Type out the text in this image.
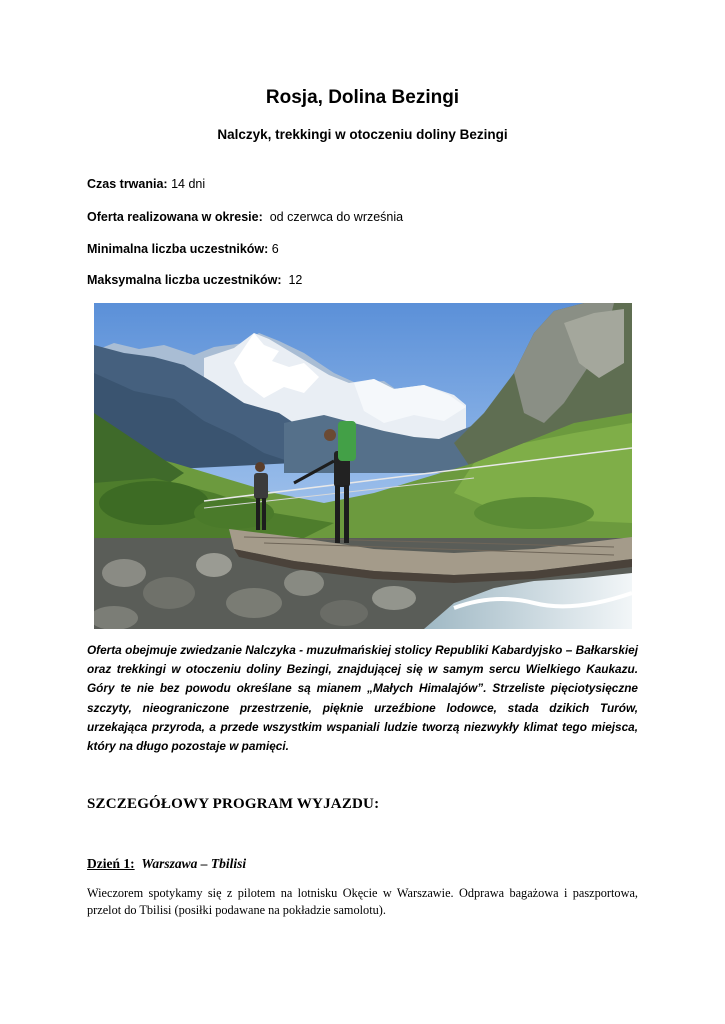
Rosja, Dolina Bezingi
Nalczyk, trekkingi w otoczeniu doliny Bezingi
Czas trwania: 14 dni
Oferta realizowana w okresie: od czerwca do września
Minimalna liczba uczestników: 6
Maksymalna liczba uczestników: 12
Oferta obejmuje zwiedzanie Nalczyka - muzułmańskiej stolicy Republiki Kabardyjsko – Bałkarskiej oraz trekkingi w otoczeniu doliny Bezingi, znajdującej się w samym sercu Wielkiego Kaukazu. Góry te nie bez powodu określane są mianem „Małych Himalajów”. Strzeliste pięciotysięczne szczyty, nieograniczone przestrzenie, pięknie urzeźbione lodowce, stada dzikich Turów, urzekająca przyroda, a przede wszystkim wspaniali ludzie tworzą niezwykły klimat tego miejsca, który na długo pozostaje w pamięci.
SZCZEGÓŁOWY PROGRAM WYJAZDU:
Dzień 1: Warszawa – Tbilisi
Wieczorem spotykamy się z pilotem na lotnisku Okęcie w Warszawie. Odprawa bagażowa i paszportowa, przelot do Tbilisi (posiłki podawane na pokładzie samolotu).
